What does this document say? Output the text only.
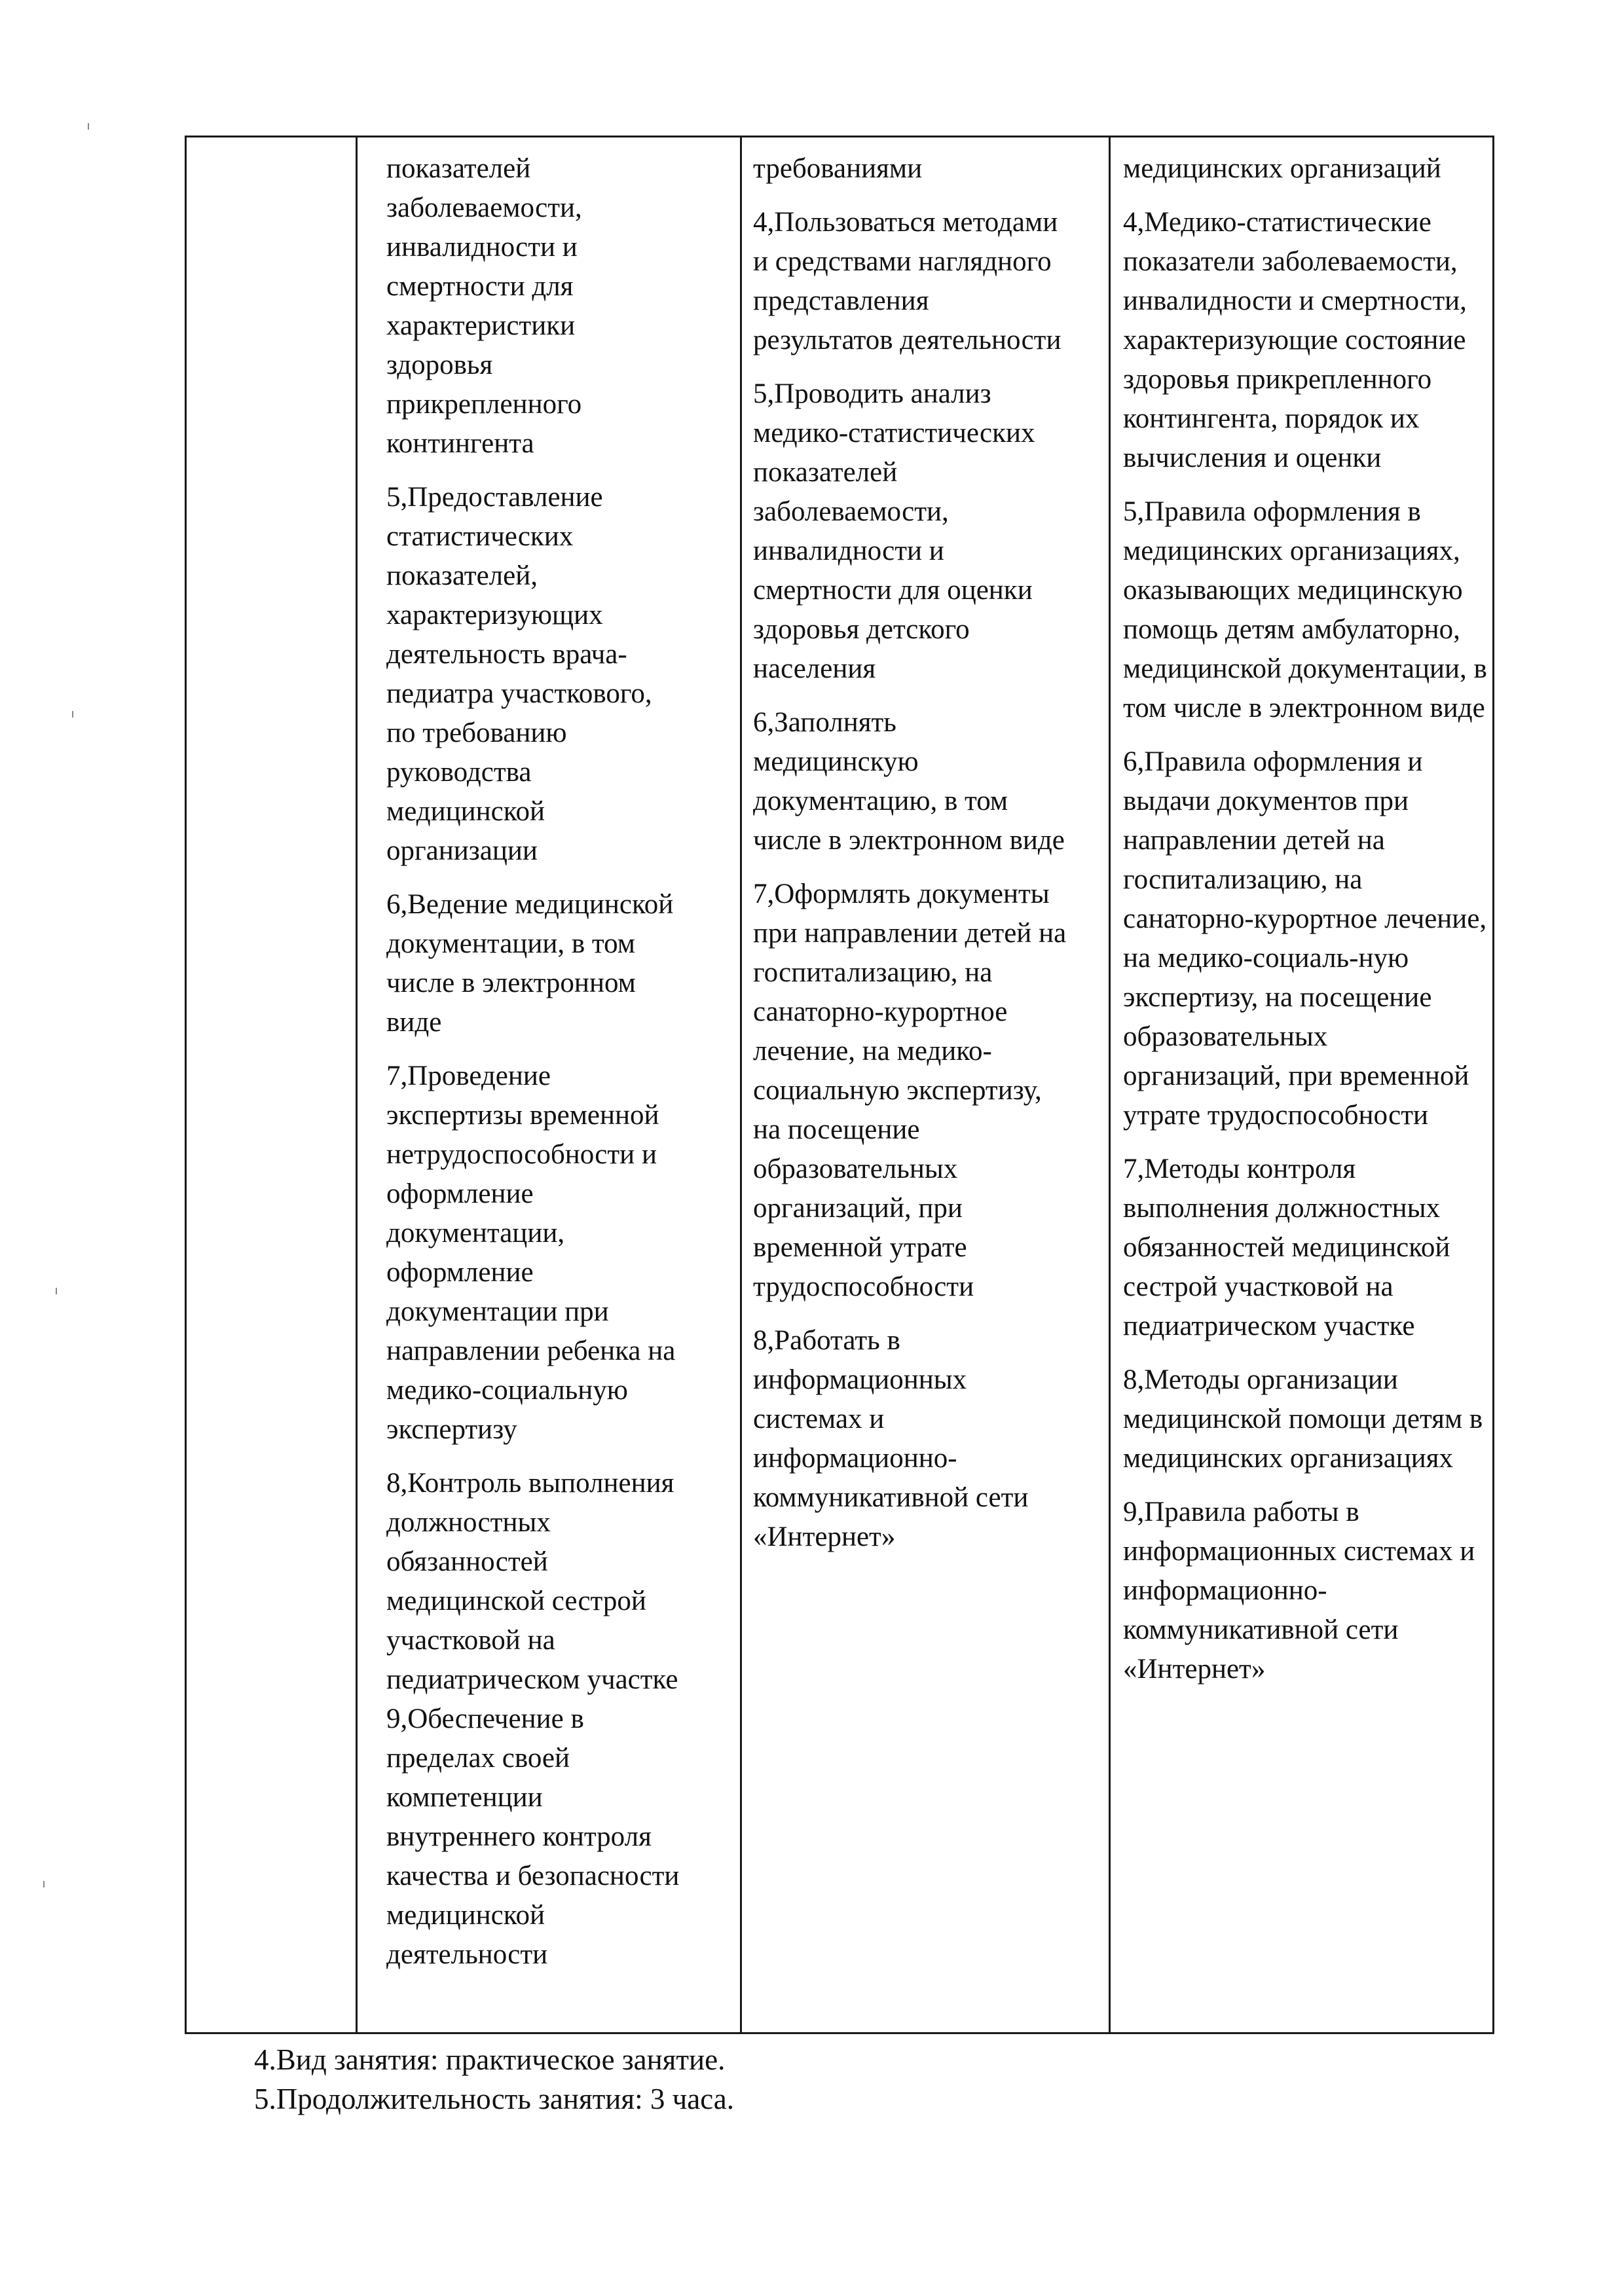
показателей
заболеваемости,
инвалидности и
смертности для
характеристики
здоровья
прикрепленного
контингента
5,Предоставление
статистических
показателей,
характеризующих
деятельность врача-
педиатра участкового,
по требованию
руководства
медицинской
организации
6,Ведение медицинской
документации, в том
числе в электронном
виде
7,Проведение
экспертизы временной
нетрудоспособности и
оформление
документации,
оформление
документации при
направлении ребенка на
медико-социальную
экспертизу
8,Контроль выполнения
должностных
обязанностей
медицинской сестрой
участковой на
педиатрическом участке
9,Обеспечение в
пределах своей
компетенции
внутреннего контроля
качества и безопасности
медицинской
деятельности
требованиями
4,Пользоваться методами
и средствами наглядного
представления
результатов деятельности
5,Проводить анализ
медико-статистических
показателей
заболеваемости,
инвалидности и
смертности для оценки
здоровья детского
населения
6,Заполнять
медицинскую
документацию, в том
числе в электронном виде
7,Оформлять документы
при направлении детей на
госпитализацию, на
санаторно-курортное
лечение, на медико-
социальную экспертизу,
на посещение
образовательных
организаций, при
временной утрате
трудоспособности
8,Работать в
информационных
системах и
информационно-
коммуникативной сети
«Интернет»
медицинских организаций
4,Медико-статистические
показатели заболеваемости,
инвалидности и смертности,
характеризующие состояние
здоровья прикрепленного
контингента, порядок их
вычисления и оценки
5,Правила оформления в
медицинских организациях,
оказывающих медицинскую
помощь детям амбулаторно,
медицинской документации, в
том числе в электронном виде
6,Правила оформления и
выдачи документов при
направлении детей на
госпитализацию, на
санаторно-курортное лечение,
на медико-социаль-ную
экспертизу, на посещение
образовательных
организаций, при временной
утрате трудоспособности
7,Методы контроля
выполнения должностных
обязанностей медицинской
сестрой участковой на
педиатрическом участке
8,Методы организации
медицинской помощи детям в
медицинских организациях
9,Правила работы в
информационных системах и
информационно-
коммуникативной сети
«Интернет»
4.Вид занятия: практическое занятие.
5.Продолжительность занятия: 3 часа.
